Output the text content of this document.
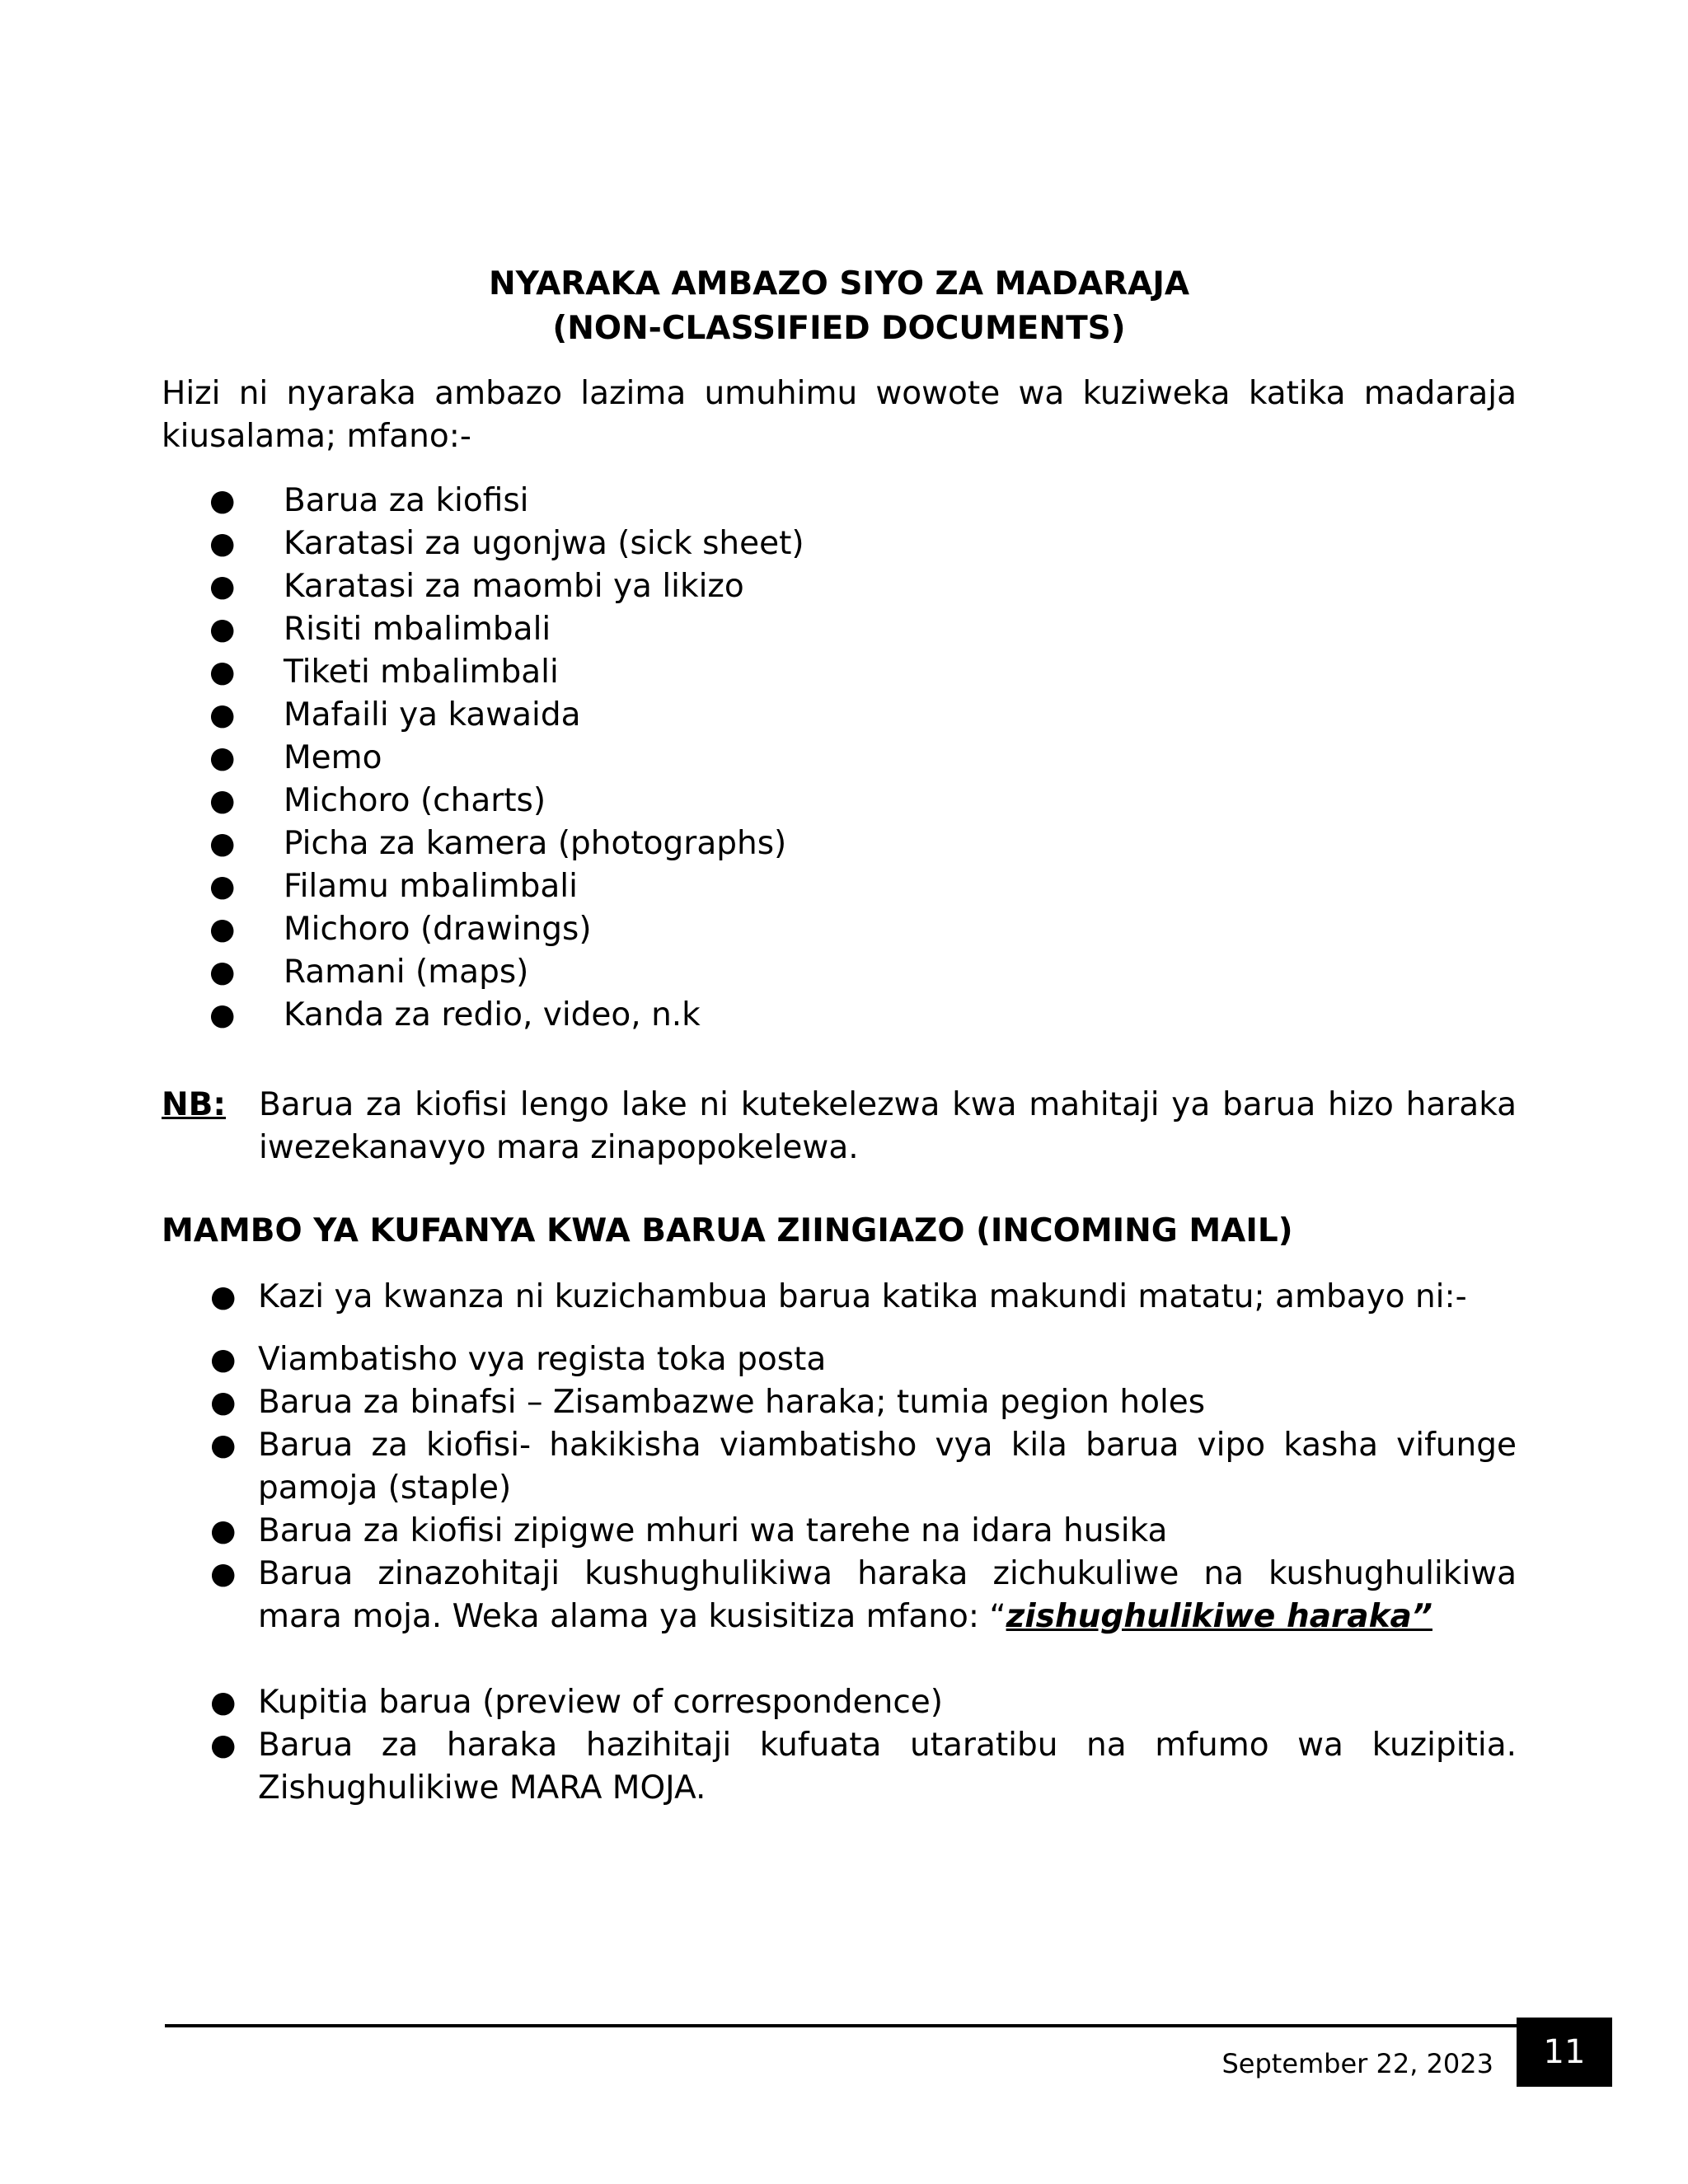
NYARAKA AMBAZO SIYO ZA MADARAJA
(NON-CLASSIFIED DOCUMENTS)
Hizi ni nyaraka ambazo lazima umuhimu wowote wa kuziweka katika madaraja kiusalama; mfano:-
● Barua za kiofisi
● Karatasi za ugonjwa (sick sheet)
● Karatasi za maombi ya likizo
● Risiti mbalimbali
● Tiketi mbalimbali
● Mafaili ya kawaida
● Memo
● Michoro (charts)
● Picha za kamera (photographs)
● Filamu mbalimbali
● Michoro (drawings)
● Ramani (maps)
● Kanda za redio, video, n.k
NB: Barua za kiofisi lengo lake ni kutekelezwa kwa mahitaji ya barua hizo haraka iwezekanavyo mara zinapopokelewa.
MAMBO YA KUFANYA KWA BARUA ZIINGIAZO (INCOMING MAIL)
● Kazi ya kwanza ni kuzichambua barua katika makundi matatu; ambayo ni:-
● Viambatisho vya regista toka posta
● Barua za binafsi – Zisambazwe haraka; tumia pegion holes
● Barua za kiofisi- hakikisha viambatisho vya kila barua vipo kasha vifunge pamoja (staple)
● Barua za kiofisi zipigwe mhuri wa tarehe na idara husika
● Barua zinazohitaji kushughulikiwa haraka zichukuliwe na kushughulikiwa mara moja. Weka alama ya kusisitiza mfano: “zishughulikiwe haraka”
● Kupitia barua (preview of correspondence)
● Barua za haraka hazihitaji kufuata utaratibu na mfumo wa kuzipitia. Zishughulikiwe MARA MOJA.
September 22, 2023	11
